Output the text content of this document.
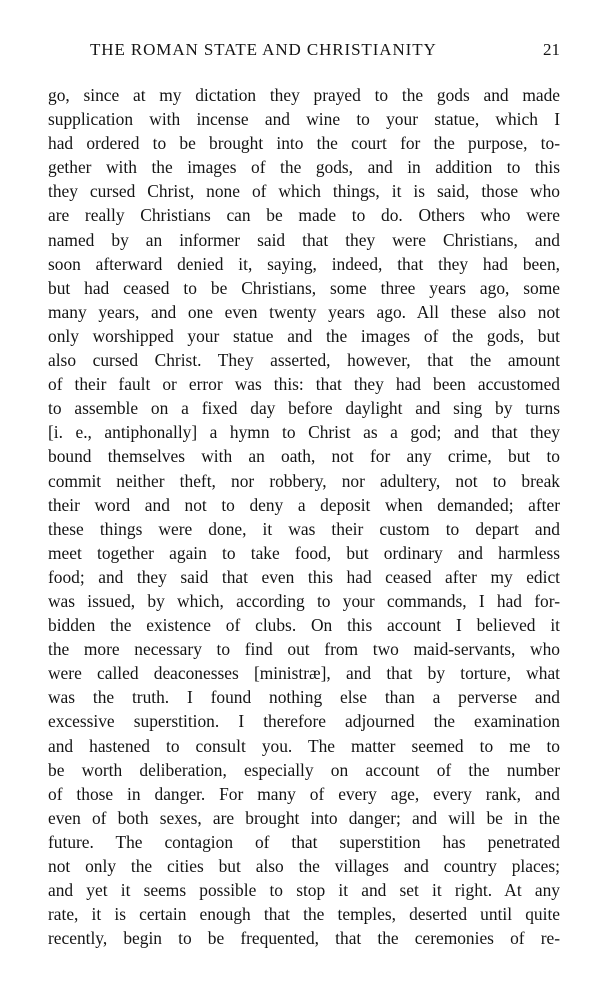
THE ROMAN STATE AND CHRISTIANITY	21
go, since at my dictation they prayed to the gods and made
supplication with incense and wine to your statue, which I
had ordered to be brought into the court for the purpose, to-
gether with the images of the gods, and in addition to this
they cursed Christ, none of which things, it is said, those who
are really Christians can be made to do. Others who were
named by an informer said that they were Christians, and
soon afterward denied it, saying, indeed, that they had been,
but had ceased to be Christians, some three years ago, some
many years, and one even twenty years ago. All these also not
only worshipped your statue and the images of the gods, but
also cursed Christ. They asserted, however, that the amount
of their fault or error was this: that they had been accustomed
to assemble on a fixed day before daylight and sing by turns
[i. e., antiphonally] a hymn to Christ as a god; and that they
bound themselves with an oath, not for any crime, but to
commit neither theft, nor robbery, nor adultery, not to break
their word and not to deny a deposit when demanded; after
these things were done, it was their custom to depart and
meet together again to take food, but ordinary and harmless
food; and they said that even this had ceased after my edict
was issued, by which, according to your commands, I had for-
bidden the existence of clubs. On this account I believed it
the more necessary to find out from two maid-servants, who
were called deaconesses [ministræ], and that by torture, what
was the truth. I found nothing else than a perverse and
excessive superstition. I therefore adjourned the examination
and hastened to consult you. The matter seemed to me to
be worth deliberation, especially on account of the number
of those in danger. For many of every age, every rank, and
even of both sexes, are brought into danger; and will be in the
future. The contagion of that superstition has penetrated
not only the cities but also the villages and country places;
and yet it seems possible to stop it and set it right. At any
rate, it is certain enough that the temples, deserted until quite
recently, begin to be frequented, that the ceremonies of re-
